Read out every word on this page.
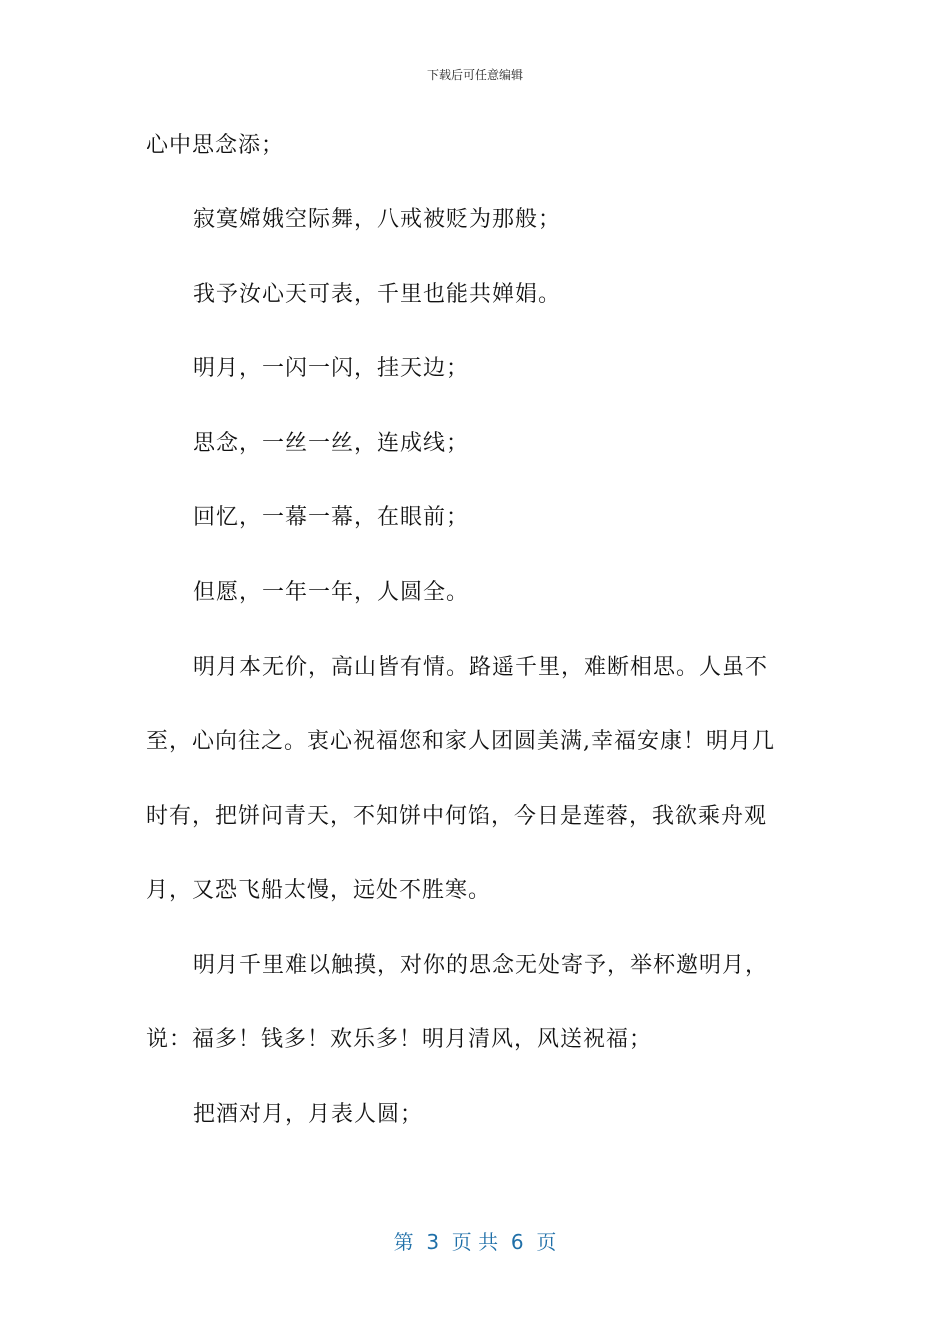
下载后可任意编辑
心中思念添；
寂寞嫦娥空际舞，八戒被贬为那般；
我予汝心天可表，千里也能共婵娟。
明月，一闪一闪，挂天边；
思念，一丝一丝，连成线；
回忆，一幕一幕，在眼前；
但愿，一年一年，人圆全。
明月本无价，高山皆有情。路遥千里，难断相思。人虽不
至，心向往之。衷心祝福您和家人团圆美满,幸福安康！明月几
时有，把饼问青天，不知饼中何馅，今日是莲蓉，我欲乘舟观
月，又恐飞船太慢，远处不胜寒。
明月千里难以触摸，对你的思念无处寄予，举杯邀明月，
说：福多！钱多！欢乐多！明月清风，风送祝福；
把酒对月，月表人圆；
第  3  页 共  6  页
